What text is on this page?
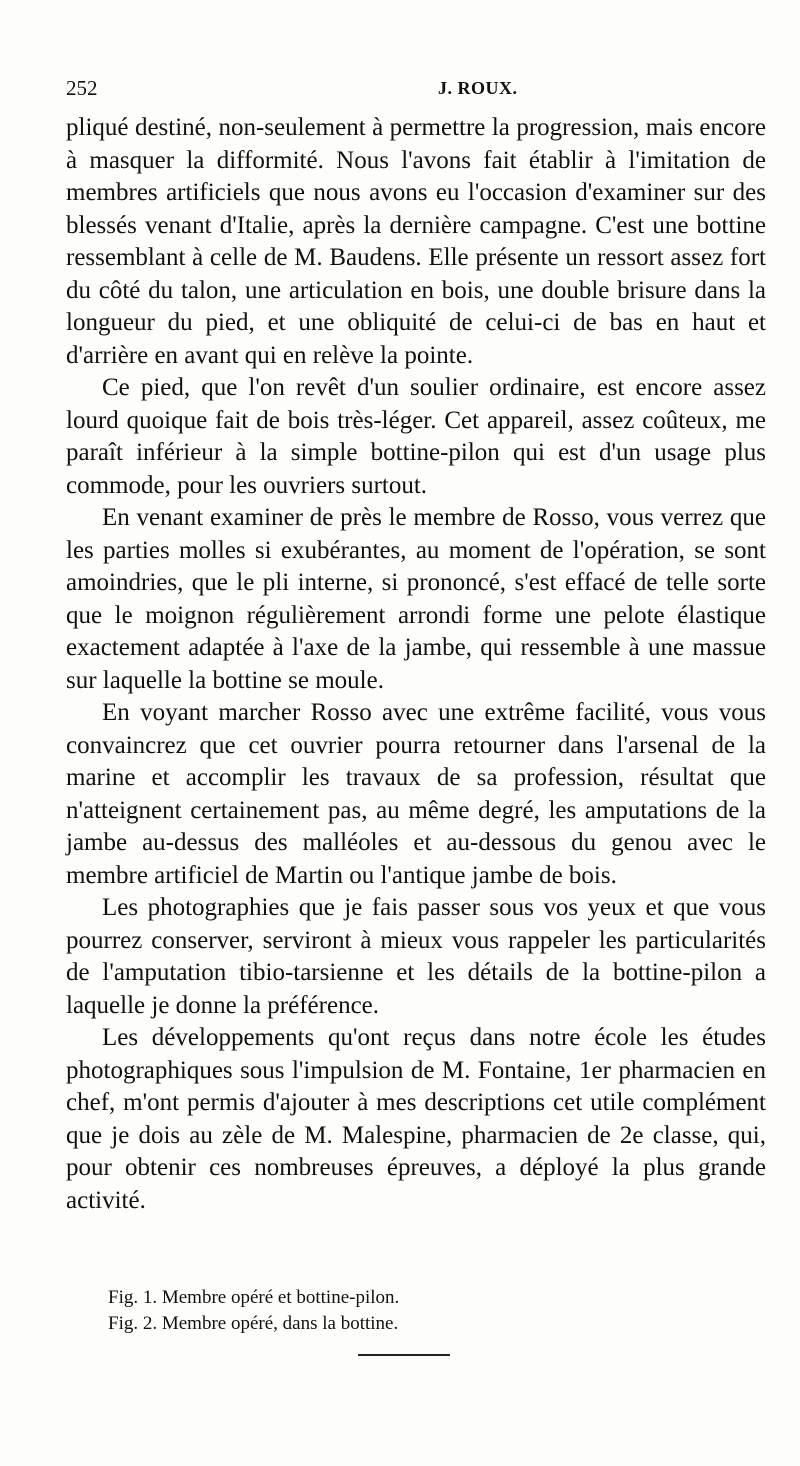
252	J. ROUX.

pliqué destiné, non-seulement à permettre la progression, mais encore à masquer la difformité. Nous l'avons fait établir à l'imitation de membres artificiels que nous avons eu l'occasion d'examiner sur des blessés venant d'Italie, après la dernière campagne. C'est une bottine ressemblant à celle de M. Baudens. Elle présente un ressort assez fort du côté du talon, une articulation en bois, une double brisure dans la longueur du pied, et une obliquité de celui-ci de bas en haut et d'arrière en avant qui en relève la pointe.

Ce pied, que l'on revêt d'un soulier ordinaire, est encore assez lourd quoique fait de bois très-léger. Cet appareil, assez coûteux, me paraît inférieur à la simple bottine-pilon qui est d'un usage plus commode, pour les ouvriers surtout.

En venant examiner de près le membre de Rosso, vous verrez que les parties molles si exubérantes, au moment de l'opération, se sont amoindries, que le pli interne, si prononcé, s'est effacé de telle sorte que le moignon régulièrement arrondi forme une pelote élastique exactement adaptée à l'axe de la jambe, qui ressemble à une massue sur laquelle la bottine se moule.

En voyant marcher Rosso avec une extrême facilité, vous vous convaincrez que cet ouvrier pourra retourner dans l'arsenal de la marine et accomplir les travaux de sa profession, résultat que n'atteignent certainement pas, au même degré, les amputations de la jambe au-dessus des malléoles et au-dessous du genou avec le membre artificiel de Martin ou l'antique jambe de bois.

Les photographies que je fais passer sous vos yeux et que vous pourrez conserver, serviront à mieux vous rappeler les particularités de l'amputation tibio-tarsienne et les détails de la bottine-pilon a laquelle je donne la préférence.

Les développements qu'ont reçus dans notre école les études photographiques sous l'impulsion de M. Fontaine, 1er pharmacien en chef, m'ont permis d'ajouter à mes descriptions cet utile complément que je dois au zèle de M. Malespine, pharmacien de 2e classe, qui, pour obtenir ces nombreuses épreuves, a déployé la plus grande activité.

Fig. 1. Membre opéré et bottine-pilon.
Fig. 2. Membre opéré, dans la bottine.
